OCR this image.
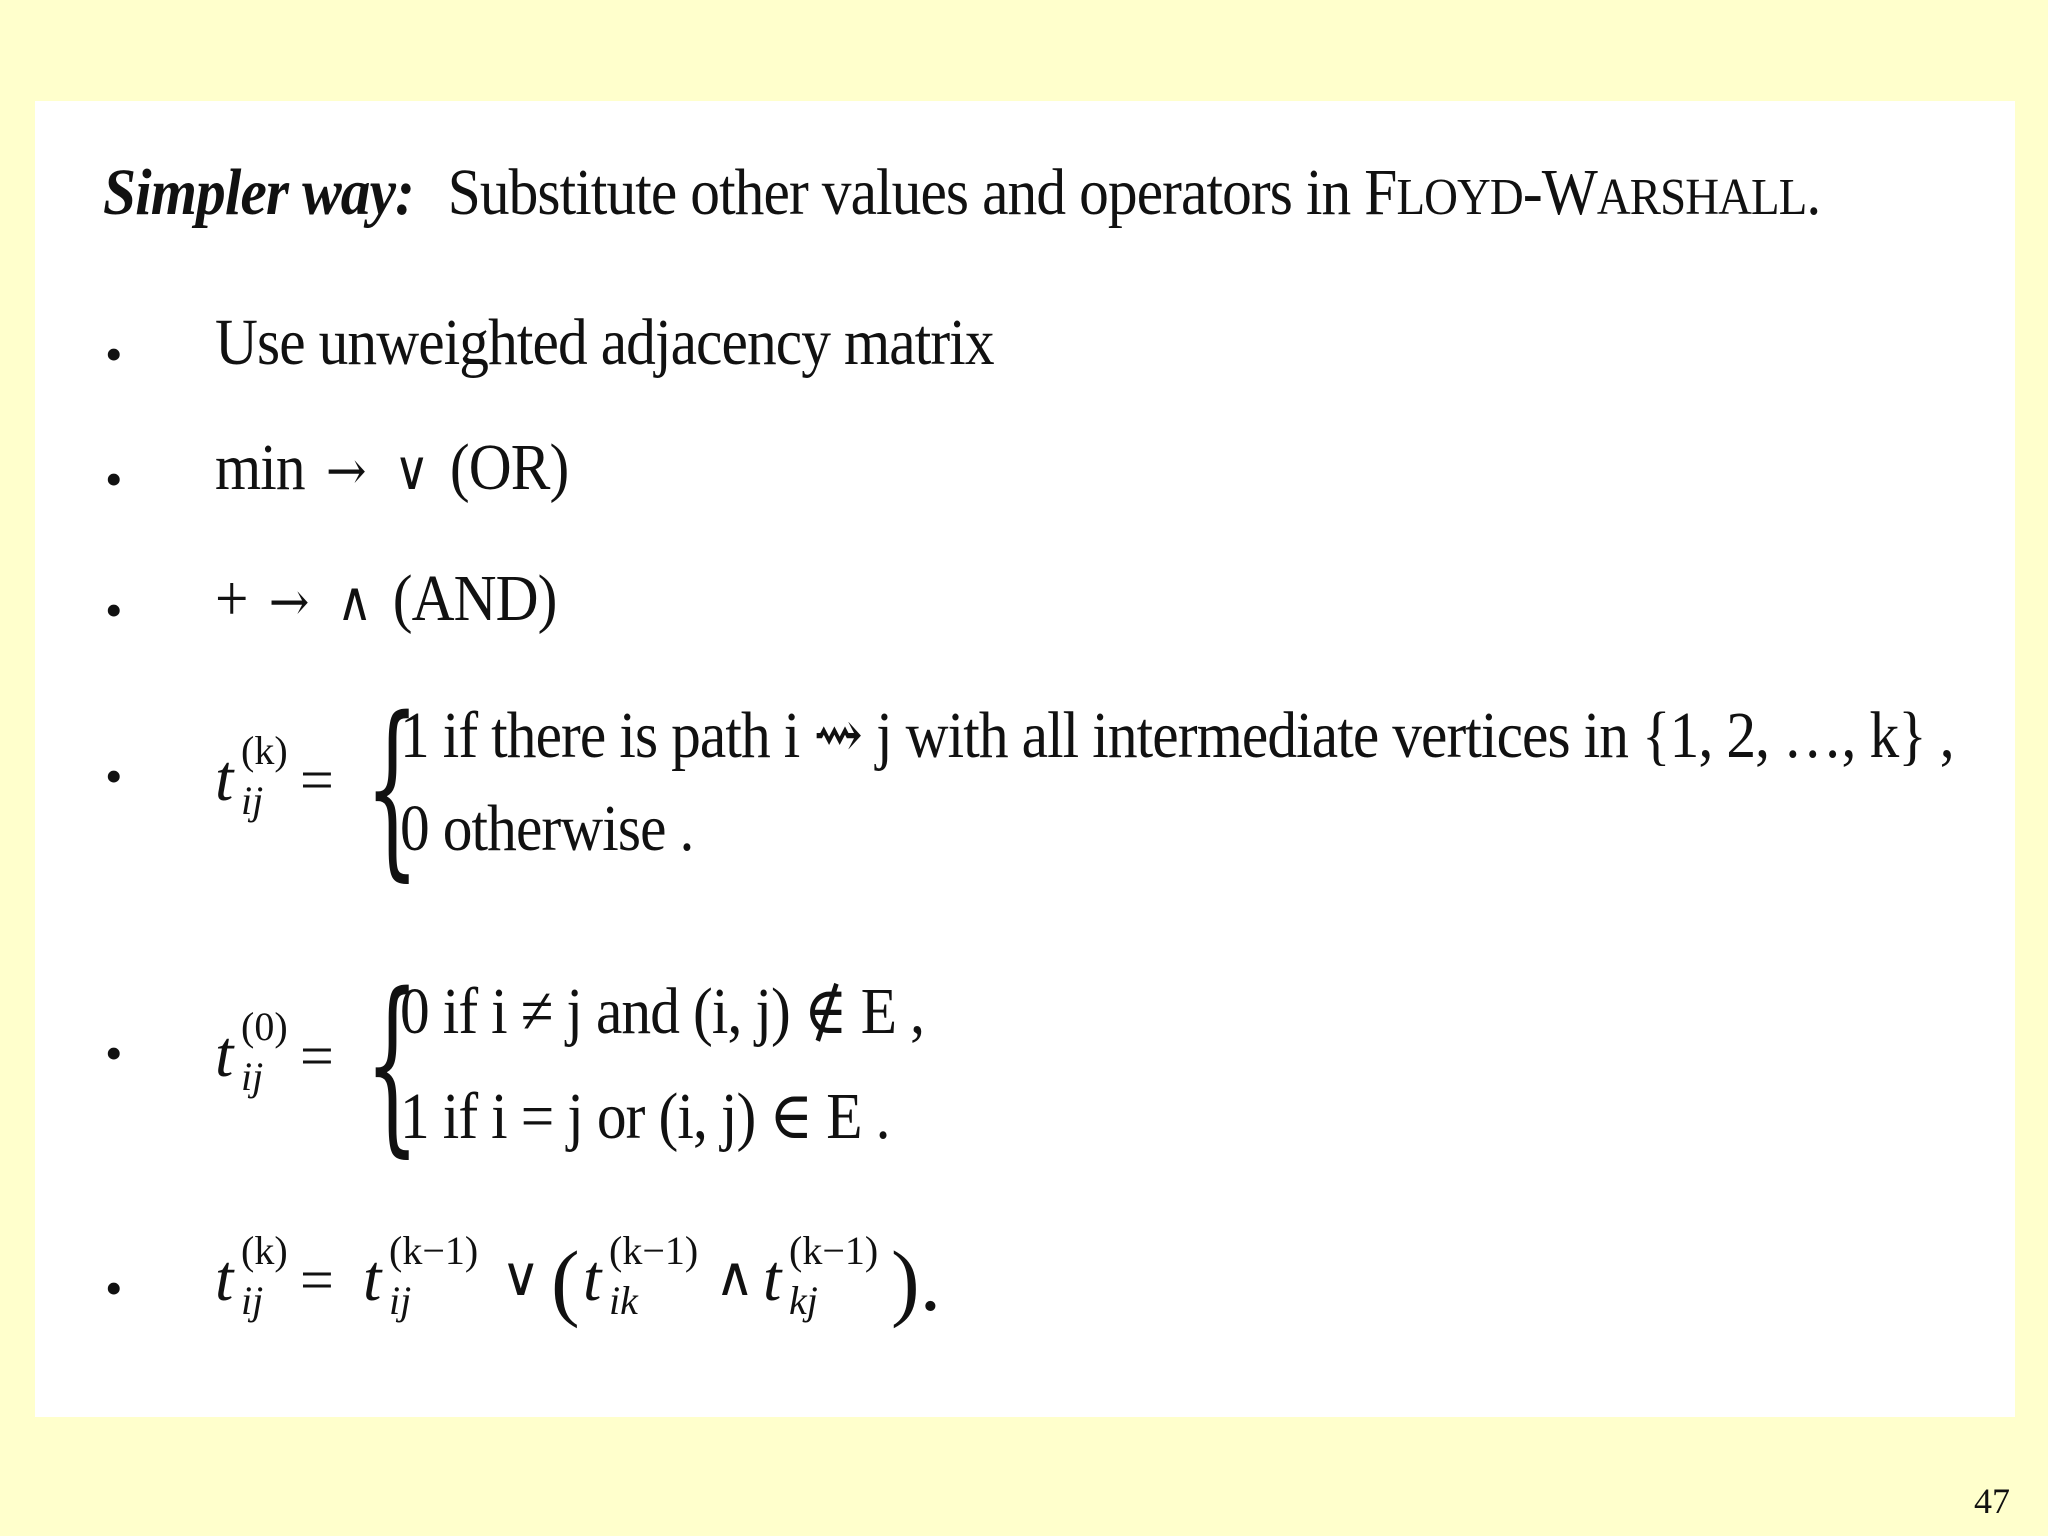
Simpler way: Substitute other values and operators in FLOYD-WARSHALL.
• Use unweighted adjacency matrix
• min → ∨ (OR)
• + → ∧ (AND)
• t (k)
ij = {
1 if there is path i ⇝ j with all intermediate vertices in {1, 2, …, k} ,
0 otherwise .
• t (0)
ij = {
0 if i ≠ j and (i, j) ∉ E ,
1 if i = j or (i, j) ∈ E .
• t (k)
ij = t (k−1)
ij ∨ ( t (k−1)
ik ∧ t (k−1)
kj ).
47
